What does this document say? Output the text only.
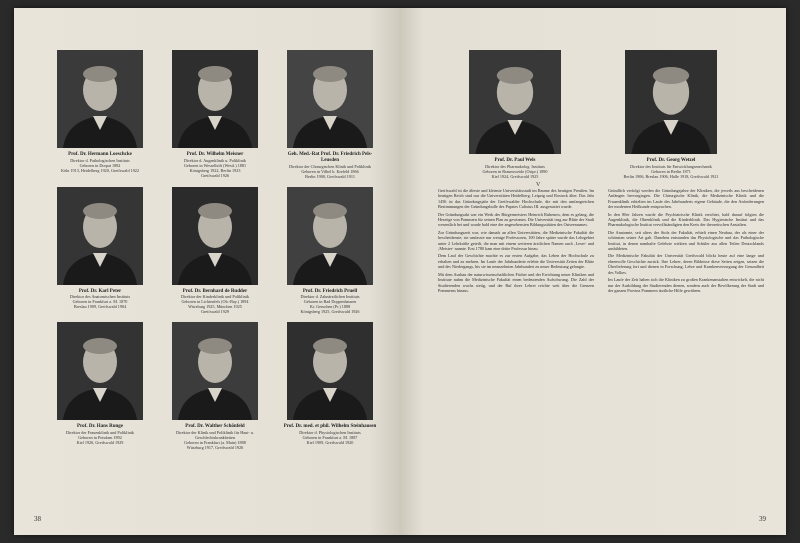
Prof. Dr. Hermann Loeschcke
Direktor d. Pathologischen Instituts
Geboren in Dorpat 1882
Köln 1913, Heidelberg 1920, Greifswald 1922
Prof. Dr. Wilhelm Meisner
Direktor d. Augenklinik u. Poliklinik
Geboren in Wesselhöft (Westf.) 1881
Königsberg 1922, Berlin 1923
Greifswald 1926
Geh. Med.-Rat Prof. Dr. Friedrich Pels-Leusden
Direktor der Chirurgischen Klinik und Poliklinik
Geboren in Vilbel b. Krefeld 1866
Berlin 1900, Greifswald 1911
Prof. Dr. Karl Peter
Direktor des Anatomischen Instituts
Geboren in Frankfurt a. M. 1870
Breslau 1909, Greifswald 1904
Prof. Dr. Bernhard de Rudder
Direktor der Kinderklinik und Poliklinik
Geboren in Lichtenfels (Ob.-Bay.) 1894
Würzburg 1925, München 1925
Greifswald 1929
Prof. Dr. Friedrich Pruell
Direktor d. Zahnärztlichen Instituts
Geboren in Bad Doppenhausen
Kr. Geruchen (Pr.) 1888
Königsberg 1925, Greifswald 1926
Prof. Dr. Hans Runge
Direktor der Frauenklinik und Poliklinik
Geboren in Potsdam 1892
Kiel 1926, Greifswald 1929
Prof. Dr. Walther Schönfeld
Direktor der Klinik und Poliklinik für Haut- u. Geschlechtskrankheiten
Geboren in Frankfurt (a. Main) 1888
Würzburg 1917, Greifswald 1926
Prof. Dr. med. et phil. Wilhelm Steinhausen
Direktor d. Physiologischen Instituts
Geboren in Frankfurt a. M. 1887
Kiel 1909, Greifswald 1920
38
Prof. Dr. Paul Wels
Direktor des Pharmakolog. Instituts
Geboren in Braunsweide (Ostpr.) 1890
Kiel 1924, Greifswald 1925
Prof. Dr. Georg Wetzel
Direktor des Instituts für Entwicklungsmechanik
Geboren in Berlin 1871
Berlin 1906, Breslau 1906, Halle 1918, Greifswald 1921
V

Greifswald ist die älteste und kleinste Universitätsstadt im Raume des heutigen Preußen. Im heutigen Reich sind nur die Universitäten Heidelberg, Leipzig und Rostock älter. Das Jahr 1456 ist das Gründungsjahr der Greifswalder Hochschule, die mit den umfangreichen Bestimmungen der Gründungsbulle des Papstes Calixtus III. ausgestattet wurde.

Der Gründungsakt war ein Werk des Bürgermeisters Heinrich Rubenow, dem es gelang, die Herzöge von Pommern für seinen Plan zu gewinnen. Die Universität trug zur Blüte der Stadt wesentlich bei und wurde bald eine der angesehensten Bildungsstätten des Ostseeraumes.

Zur Gründungszeit war, wie damals an allen Universitäten, die Medizinische Fakultät die bescheidenste; sie umfasste nur wenige Professoren, 100 Jahre später wurde das Lehrgebiet unter 2 Lehrkräfte geteilt, die man mit einem weiteren ärztlichen Namen auch ‚Leser‘ und ‚Meister‘ nannte. Erst 1780 kam eine dritte Professur hinzu.

Dem Lauf der Geschichte machte es zur ersten Aufgabe, das Leben der Hochschule zu erhalten und zu mehren. Im Laufe der Jahrhunderte erlebte die Universität Zeiten der Blüte und des Niedergangs, bis sie im neunzehnten Jahrhundert zu neuer Bedeutung gelangte.

Mit dem Ausbau der naturwissenschaftlichen Fächer und der Errichtung neuer Kliniken und Institute nahm die Medizinische Fakultät einen bedeutenden Aufschwung. Die Zahl der Studierenden wuchs stetig, und der Ruf ihrer Lehrer reichte weit über die Grenzen Pommerns hinaus.

Gründlich verfolgt werden die Gründungsjahre der Kliniken, die jeweils aus bescheidenen Anfängen hervorgingen. Die Chirurgische Klinik, die Medizinische Klinik und die Frauenklinik erhielten im Laufe des Jahrhunderts eigene Gebäude, die den Anforderungen der modernen Heilkunde entsprachen.

In den 80er Jahren wurde die Psychiatrische Klinik errichtet, bald darauf folgten die Augenklinik, die Ohrenklinik und die Kinderklinik. Das Hygienische Institut und das Pharmakologische Institut vervollständigten den Kreis der theoretischen Anstalten.

Die Anatomie, seit alters der Stolz der Fakultät, erhielt einen Neubau, der als einer der schönsten seiner Art galt. Daneben entstanden das Physiologische und das Pathologische Institut, in denen namhafte Gelehrte wirkten und Schüler aus allen Teilen Deutschlands ausbildeten.

Die Medizinische Fakultät der Universität Greifswald blickt heute auf eine lange und ehrenvolle Geschichte zurück. Ihre Lehrer, deren Bildnisse diese Seiten zeigen, setzen die Überlieferung fort und dienen in Forschung, Lehre und Krankenversorgung der Gesundheit des Volkes.

Im Laufe der Zeit haben sich die Kliniken zu großen Krankenanstalten entwickelt, die nicht nur der Ausbildung der Studierenden dienen, sondern auch der Bevölkerung der Stadt und der ganzen Provinz Pommern ärztliche Hilfe gewähren.

39
